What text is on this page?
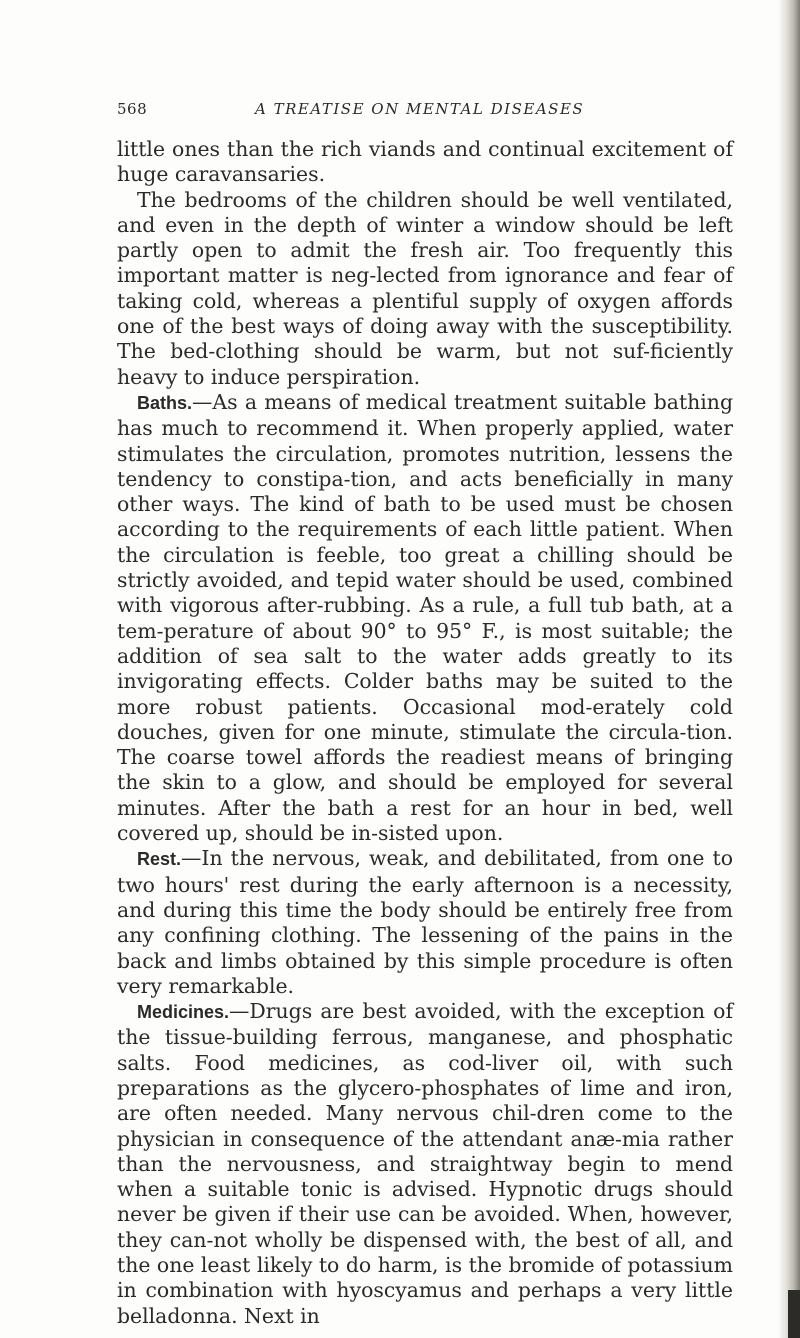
568	A TREATISE ON MENTAL DISEASES

little ones than the rich viands and continual excitement of huge caravansaries.

The bedrooms of the children should be well ventilated, and even in the depth of winter a window should be left partly open to admit the fresh air. Too frequently this important matter is neg-lected from ignorance and fear of taking cold, whereas a plentiful supply of oxygen affords one of the best ways of doing away with the susceptibility. The bed-clothing should be warm, but not suf-ficiently heavy to induce perspiration.

Baths.—As a means of medical treatment suitable bathing has much to recommend it. When properly applied, water stimulates the circulation, promotes nutrition, lessens the tendency to constipa-tion, and acts beneficially in many other ways. The kind of bath to be used must be chosen according to the requirements of each little patient. When the circulation is feeble, too great a chilling should be strictly avoided, and tepid water should be used, combined with vigorous after-rubbing. As a rule, a full tub bath, at a tem-perature of about 90° to 95° F., is most suitable; the addition of sea salt to the water adds greatly to its invigorating effects. Colder baths may be suited to the more robust patients. Occasional mod-erately cold douches, given for one minute, stimulate the circula-tion. The coarse towel affords the readiest means of bringing the skin to a glow, and should be employed for several minutes. After the bath a rest for an hour in bed, well covered up, should be in-sisted upon.

Rest.—In the nervous, weak, and debilitated, from one to two hours' rest during the early afternoon is a necessity, and during this time the body should be entirely free from any confining clothing. The lessening of the pains in the back and limbs obtained by this simple procedure is often very remarkable.

Medicines.—Drugs are best avoided, with the exception of the tissue-building ferrous, manganese, and phosphatic salts. Food medicines, as cod-liver oil, with such preparations as the glycero-phosphates of lime and iron, are often needed. Many nervous chil-dren come to the physician in consequence of the attendant anæ-mia rather than the nervousness, and straightway begin to mend when a suitable tonic is advised. Hypnotic drugs should never be given if their use can be avoided. When, however, they can-not wholly be dispensed with, the best of all, and the one least likely to do harm, is the bromide of potassium in combination with hyoscyamus and perhaps a very little belladonna. Next in
